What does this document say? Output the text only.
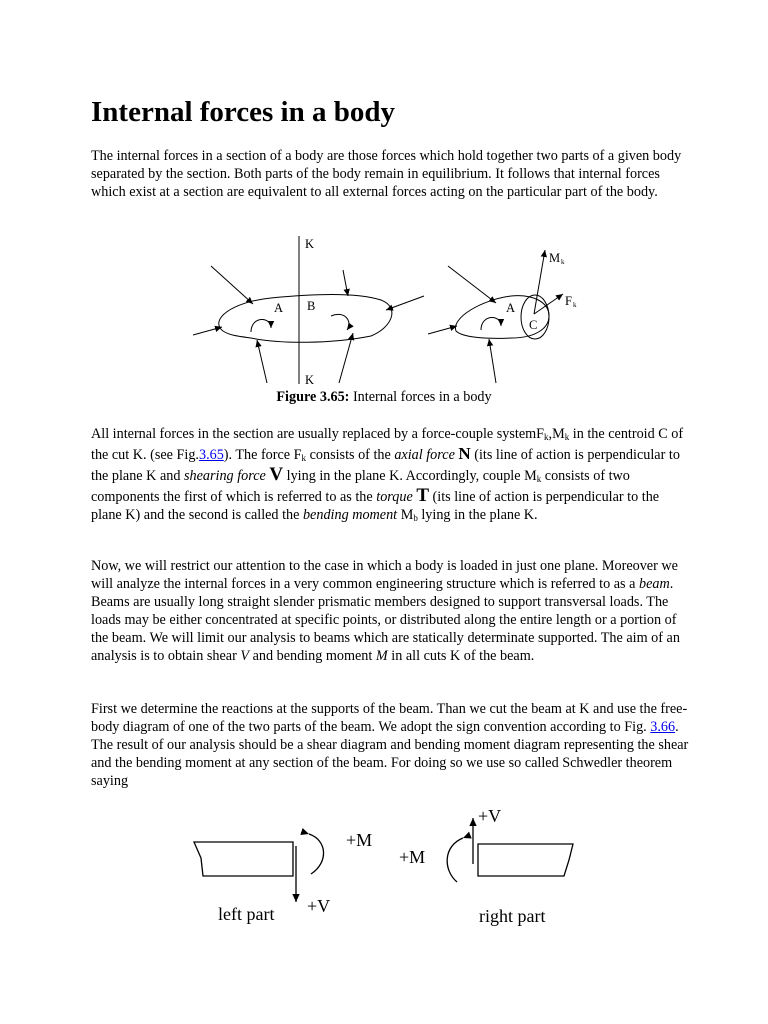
Internal forces in a body

The internal forces in a section of a body are those forces which hold together two parts of a given body separated by the section. Both parts of the body remain in equilibrium. It follows that internal forces which exist at a section are equivalent to all external forces acting on the particular part of the body.

K
K
A B	A
C
M k
F k
Figure 3.65: Internal forces in a body

All internal forces in the section are usually replaced by a force-couple $systemF_k,M_k$ in the centroid C of the cut K. (see Fig.3.65). The force $F_k$ consists of the axial force N (its line of action is perpendicular to the plane K and shearing force V lying in the plane K. Accordingly, couple $M_k$ consists of two components the first of which is referred to as the torque T (its line of action is perpendicular to the plane K) and the second is called the bending moment $M_b$ lying in the plane K.

Now, we will restrict our attention to the case in which a body is loaded in just one plane. Moreover we will analyze the internal forces in a very common engineering structure which is referred to as a beam. Beams are usually long straight slender prismatic members designed to support transversal loads. The loads may be either concentrated at specific points, or distributed along the entire length or a portion of the beam. We will limit our analysis to beams which are statically determinate supported. The aim of an analysis is to obtain shear V and bending moment M in all cuts K of the beam.

First we determine the reactions at the supports of the beam. Than we cut the beam at K and use the free-body diagram of one of the two parts of the beam. We adopt the sign convention according to Fig. 3.66. The result of our analysis should be a shear diagram and bending moment diagram representing the shear and the bending moment at any section of the beam. For doing so we use so called Schwedler theorem saying

+M
+V
left part
+M
+V
right part
